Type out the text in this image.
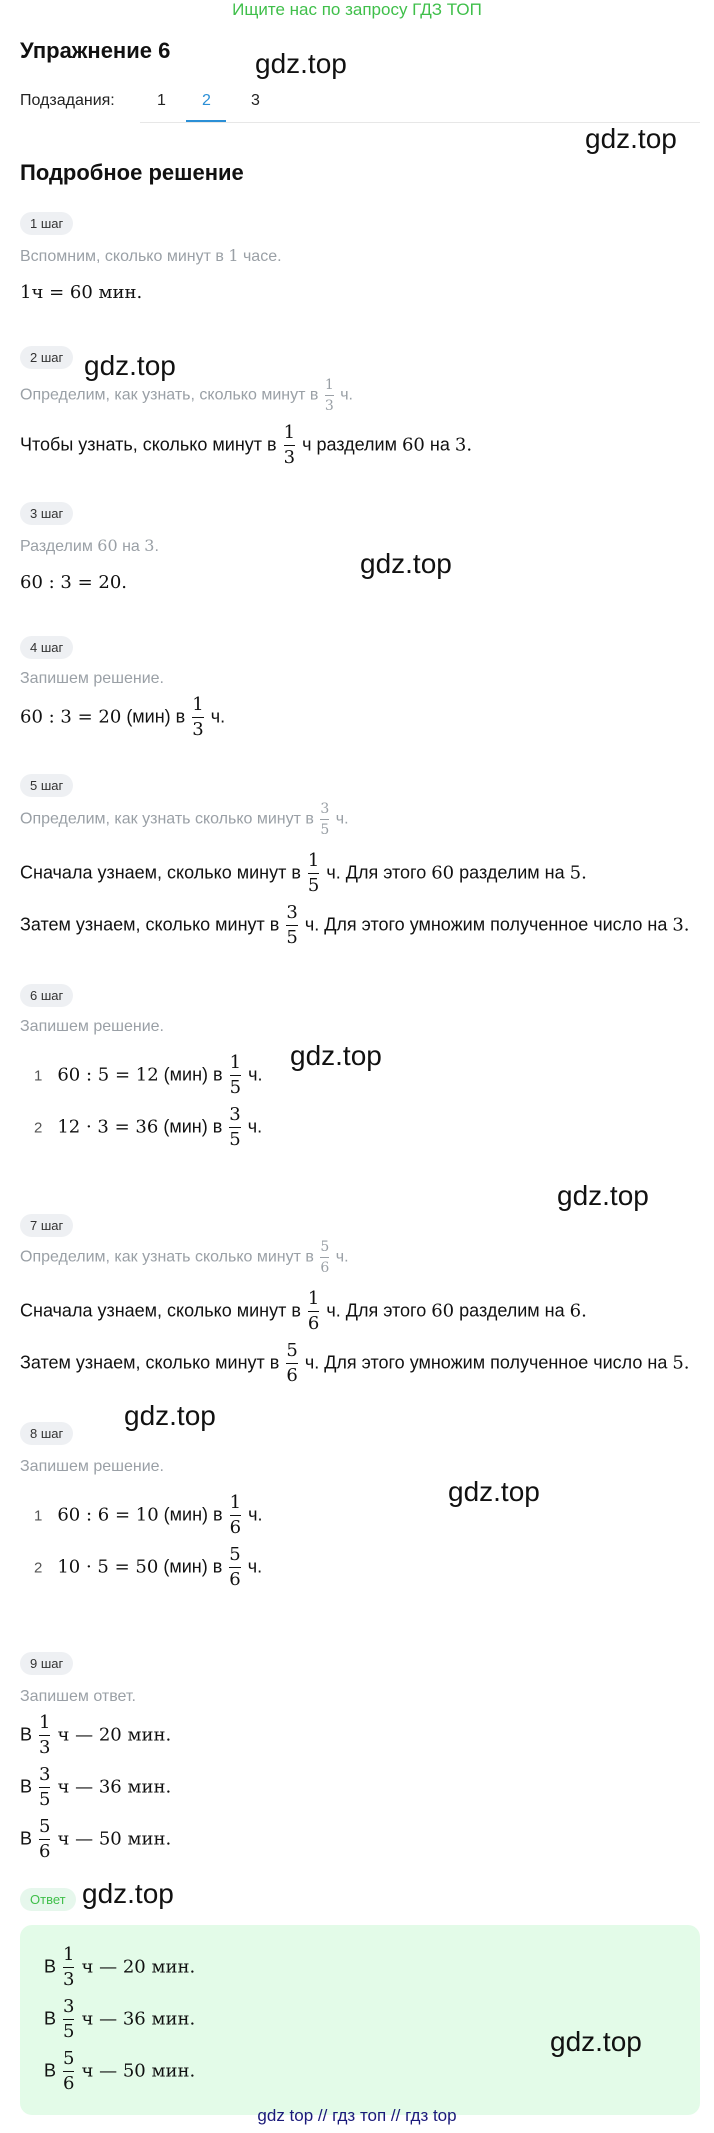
Ищите нас по запросу ГДЗ ТОП
Упражнение 6	gdz.top
Подзадания:	1 2	3
gdz.top
Подробное решение
1 шаг
Вспомним, сколько минут в 1 часе.
1ч = 60 мин.
2 шаг gdz.top
Определим, как узнать, сколько минут в $\frac{1}{3} ч$.
Чтобы узнать, сколько минут в $\frac{1}{3}$ ч разделим 60 на 3.
3 шаг
Разделим 60 на 3.
gdz.top
60 : 3 = 20.
4 шаг
Запишем решение.
60 : 3 = 20 (мин) в $\frac{1}{3} ч$.
5 шаг
Определим, как узнать сколько минут в $\frac{3}{5} ч$.
Сначала узнаем, сколько минут в $\frac{1}{5} ч$. Для этого 60 разделим на 5.
Затем узнаем, сколько минут в $\frac{3}{5} ч$. Для этого умножим полученное число на 3.
6 шаг
Запишем решение.
gdz.top
1 60 : 5 = 12 (мин) в $\frac{1}{5} ч$.
2 12 · 3 = 36 (мин) в $\frac{3}{5} ч$.
gdz.top
7 шаг
Определим, как узнать сколько минут в $\frac{5}{6} ч$.
Сначала узнаем, сколько минут в $\frac{1}{6} ч$. Для этого 60 разделим на 6.
Затем узнаем, сколько минут в $\frac{5}{6} ч$. Для этого умножим полученное число на 5.
8 шаг
gdz.top
Запишем решение.
gdz.top
1 60 : 6 = 10 (мин) в $\frac{1}{6} ч$.
2 10 · 5 = 50 (мин) в $\frac{5}{6} ч$.
9 шаг
Запишем ответ.
В $\frac{1}{3}$ ч — 20 мин.
В $\frac{3}{5}$ ч — 36 мин.
В $\frac{5}{6}$ ч — 50 мин.
Ответ gdz.top
В $\frac{1}{3}$ ч — 20 мин.
В $\frac{3}{5}$ ч — 36 мин.
В $\frac{5}{6}$ ч — 50 мин.
gdz.top
gdz top // гдз топ // гдз top
